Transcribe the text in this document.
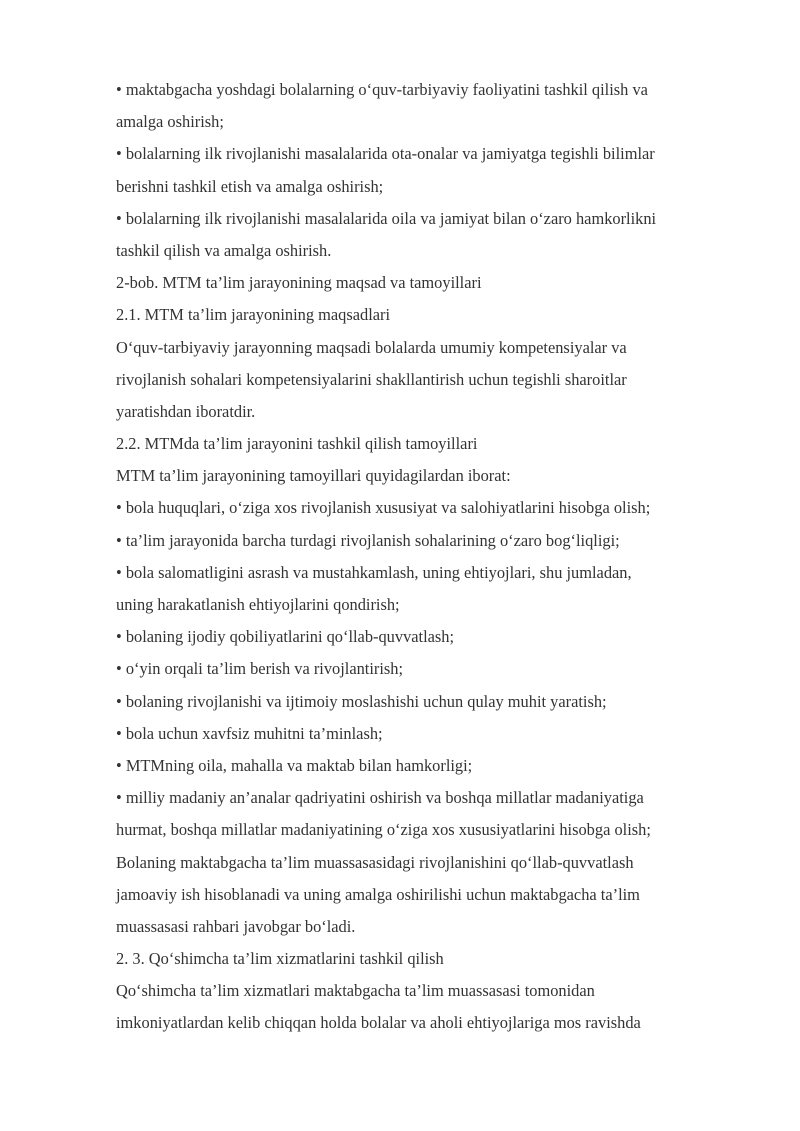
• maktabgacha yoshdagi bolalarning o‘quv-tarbiyaviy faoliyatini tashkil qilish va
amalga oshirish;
• bolalarning ilk rivojlanishi masalalarida ota-onalar va jamiyatga tegishli bilimlar
berishni tashkil etish va amalga oshirish;
• bolalarning ilk rivojlanishi masalalarida oila va jamiyat bilan o‘zaro hamkorlikni
tashkil qilish va amalga oshirish.
2-bob. MTM ta’lim jarayonining maqsad va tamoyillari
2.1. MTM ta’lim jarayonining maqsadlari
O‘quv-tarbiyaviy jarayonning maqsadi bolalarda umumiy kompetensiyalar va
rivojlanish sohalari kompetensiyalarini shakllantirish uchun tegishli sharoitlar
yaratishdan iboratdir.
2.2. MTMda ta’lim jarayonini tashkil qilish tamoyillari
MTM ta’lim jarayonining tamoyillari quyidagilardan iborat:
• bola huquqlari, o‘ziga xos rivojlanish xususiyat va salohiyatlarini hisobga olish;
• ta’lim jarayonida barcha turdagi rivojlanish sohalarining o‘zaro bog‘liqligi;
• bola salomatligini asrash va mustahkamlash, uning ehtiyojlari, shu jumladan,
uning harakatlanish ehtiyojlarini qondirish;
• bolaning ijodiy qobiliyatlarini qo‘llab-quvvatlash;
• o‘yin orqali ta’lim berish va rivojlantirish;
• bolaning rivojlanishi va ijtimoiy moslashishi uchun qulay muhit yaratish;
• bola uchun xavfsiz muhitni ta’minlash;
• MTMning oila, mahalla va maktab bilan hamkorligi;
• milliy madaniy an’analar qadriyatini oshirish va boshqa millatlar madaniyatiga
hurmat, boshqa millatlar madaniyatining o‘ziga xos xususiyatlarini hisobga olish;
Bolaning maktabgacha ta’lim muassasasidagi rivojlanishini qo‘llab-quvvatlash
jamoaviy ish hisoblanadi va uning amalga oshirilishi uchun maktabgacha ta’lim
muassasasi rahbari javobgar bo‘ladi.
2. 3. Qo‘shimcha ta’lim xizmatlarini tashkil qilish
Qo‘shimcha ta’lim xizmatlari maktabgacha ta’lim muassasasi tomonidan
imkoniyatlardan kelib chiqqan holda bolalar va aholi ehtiyojlariga mos ravishda
